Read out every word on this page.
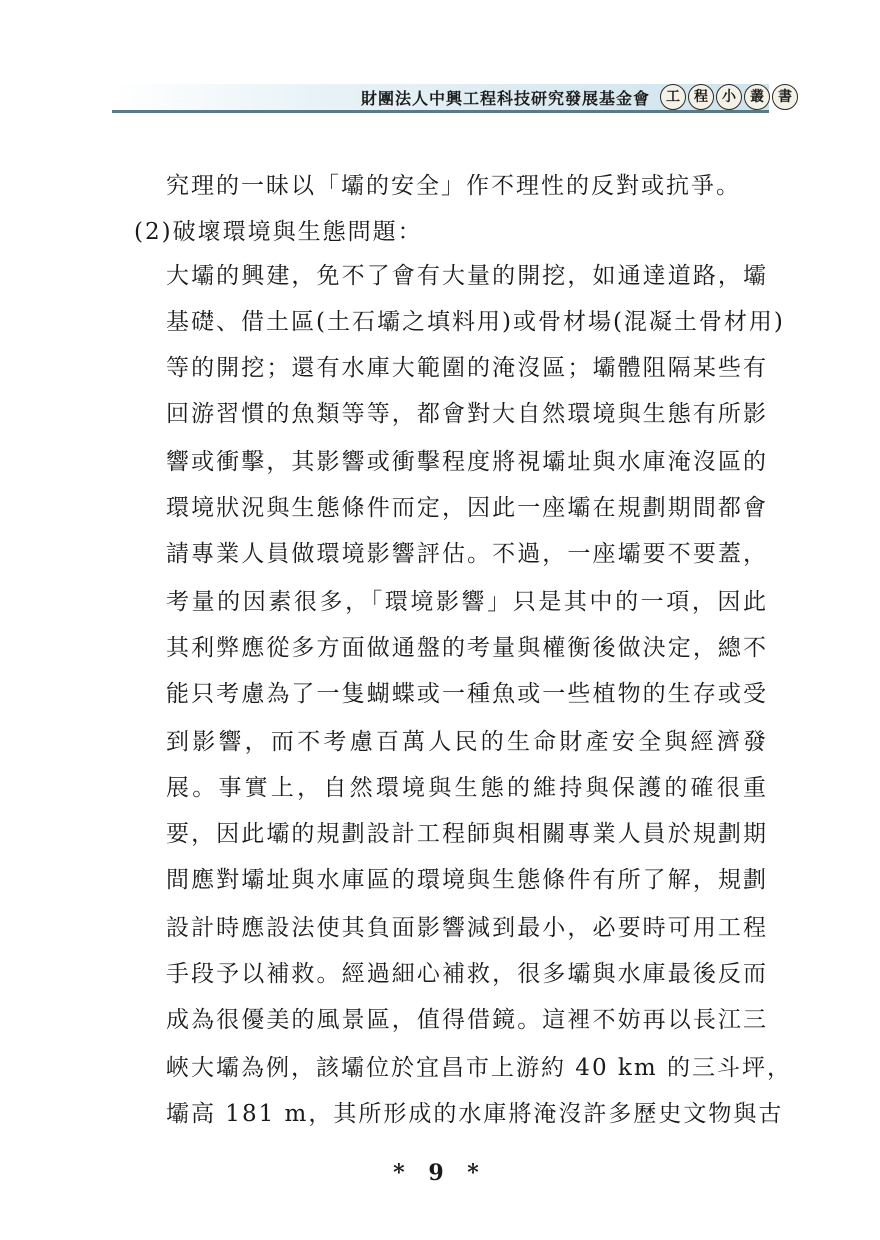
財團法人中興工程科技研究發展基金會	工	程	小	叢	書
究理的一昧以「壩的安全」作不理性的反對或抗爭。
(2)破壞環境與生態問題：
大壩的興建，免不了會有大量的開挖，如通達道路，壩
基礎、借土區(土石壩之填料用)或骨材場(混凝土骨材用)
等的開挖；還有水庫大範圍的淹沒區；壩體阻隔某些有
回游習慣的魚類等等，都會對大自然環境與生態有所影
響或衝擊，其影響或衝擊程度將視壩址與水庫淹沒區的
環境狀況與生態條件而定，因此一座壩在規劃期間都會
請專業人員做環境影響評估。不過，一座壩要不要蓋，
考量的因素很多，「環境影響」只是其中的一項，因此
其利弊應從多方面做通盤的考量與權衡後做決定，總不
能只考慮為了一隻蝴蝶或一種魚或一些植物的生存或受
到影響，而不考慮百萬人民的生命財產安全與經濟發
展。事實上，自然環境與生態的維持與保護的確很重
要，因此壩的規劃設計工程師與相關專業人員於規劃期
間應對壩址與水庫區的環境與生態條件有所了解，規劃
設計時應設法使其負面影響減到最小，必要時可用工程
手段予以補救。經過細心補救，很多壩與水庫最後反而
成為很優美的風景區，值得借鏡。這裡不妨再以長江三
峽大壩為例，該壩位於宜昌市上游約 40 km 的三斗坪，
壩高 181 m，其所形成的水庫將淹沒許多歷史文物與古
* 9 *
